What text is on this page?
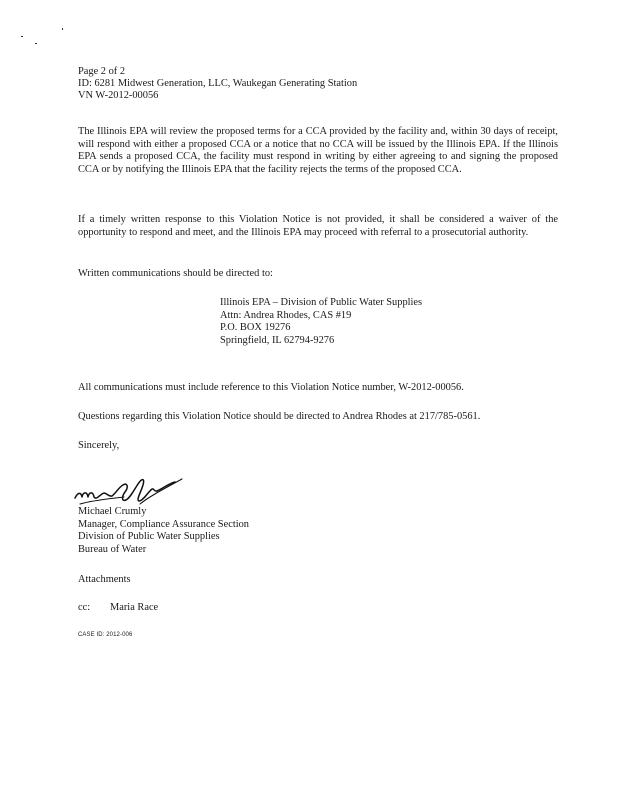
Page 2 of 2
ID: 6281 Midwest Generation, LLC, Waukegan Generating Station
VN W-2012-00056

The Illinois EPA will review the proposed terms for a CCA provided by the facility and, within 30 days of receipt, will respond with either a proposed CCA or a notice that no CCA will be issued by the Illinois EPA. If the Illinois EPA sends a proposed CCA, the facility must respond in writing by either agreeing to and signing the proposed CCA or by notifying the Illinois EPA that the facility rejects the terms of the proposed CCA.

If a timely written response to this Violation Notice is not provided, it shall be considered a waiver of the opportunity to respond and meet, and the Illinois EPA may proceed with referral to a prosecutorial authority.

Written communications should be directed to:

Illinois EPA – Division of Public Water Supplies
Attn: Andrea Rhodes, CAS #19
P.O. BOX 19276
Springfield, IL 62794-9276

All communications must include reference to this Violation Notice number, W-2012-00056.

Questions regarding this Violation Notice should be directed to Andrea Rhodes at 217/785-0561.

Sincerely,

Michael Crumly
Manager, Compliance Assurance Section
Division of Public Water Supplies
Bureau of Water

Attachments

cc: Maria Race

CASE ID: 2012-006
